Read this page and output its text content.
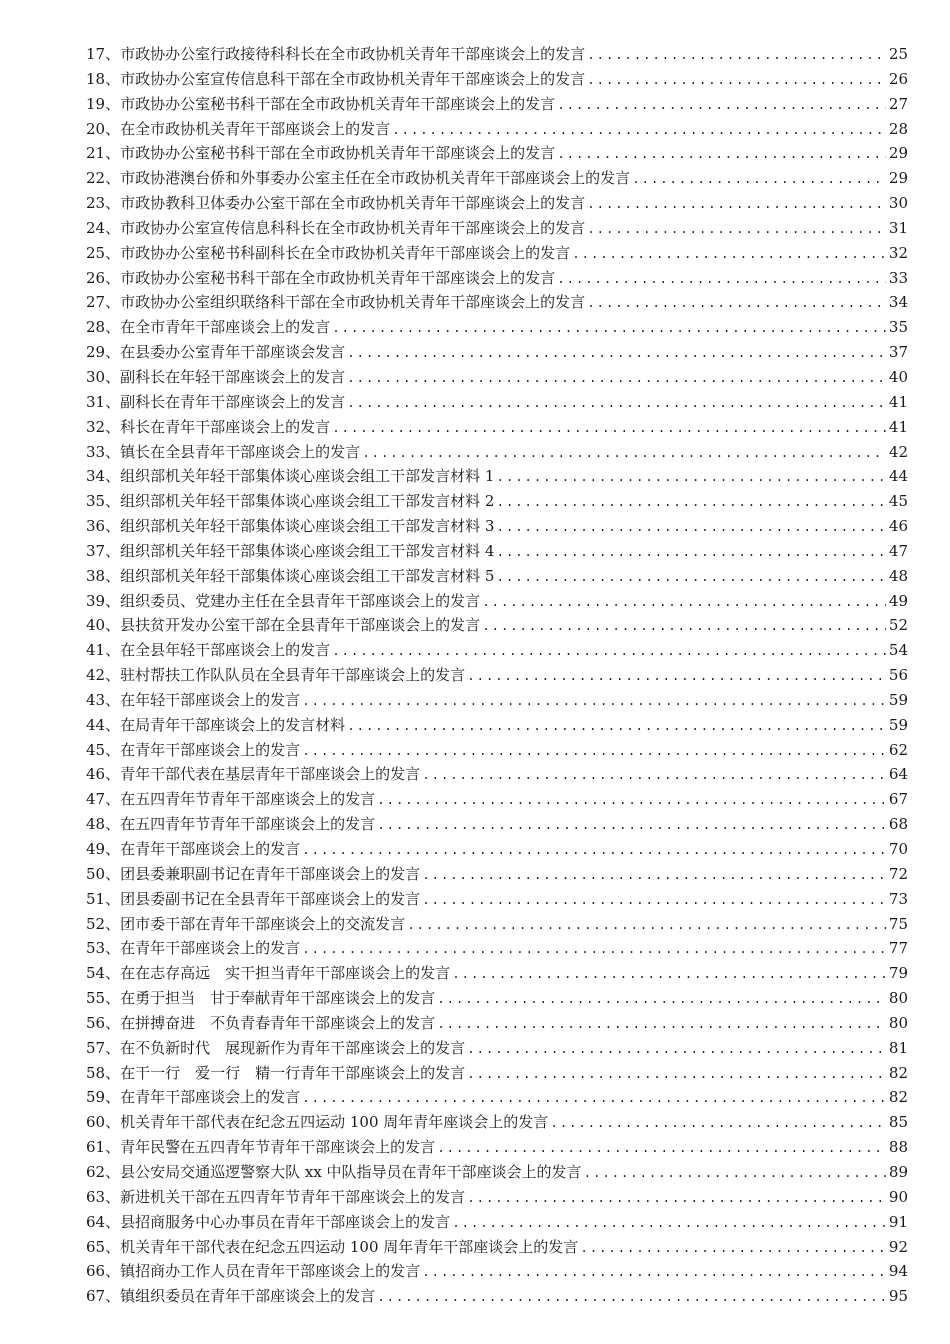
17、市政协办公室行政接待科科长在全市政协机关青年干部座谈会上的发言 .....	25
18、市政协办公室宣传信息科干部在全市政协机关青年干部座谈会上的发言 .....	26
19、市政协办公室秘书科干部在全市政协机关青年干部座谈会上的发言 .....	27
20、在全市政协机关青年干部座谈会上的发言 .....	28
21、市政协办公室秘书科干部在全市政协机关青年干部座谈会上的发言 .....	29
22、市政协港澳台侨和外事委办公室主任在全市政协机关青年干部座谈会上的发言 .....	29
23、市政协教科卫体委办公室干部在全市政协机关青年干部座谈会上的发言 .....	30
24、市政协办公室宣传信息科科长在全市政协机关青年干部座谈会上的发言 .....	31
25、市政协办公室秘书科副科长在全市政协机关青年干部座谈会上的发言 .....	32
26、市政协办公室秘书科干部在全市政协机关青年干部座谈会上的发言 .....	33
27、市政协办公室组织联络科干部在全市政协机关青年干部座谈会上的发言 .....	34
28、在全市青年干部座谈会上的发言 .....	35
29、在县委办公室青年干部座谈会发言 .....	37
30、副科长在年轻干部座谈会上的发言 .....	40
31、副科长在青年干部座谈会上的发言 .....	41
32、科长在青年干部座谈会上的发言 .....	41
33、镇长在全县青年干部座谈会上的发言 .....	42
34、组织部机关年轻干部集体谈心座谈会组工干部发言材料 1 .....	44
35、组织部机关年轻干部集体谈心座谈会组工干部发言材料 2 .....	45
36、组织部机关年轻干部集体谈心座谈会组工干部发言材料 3 .....	46
37、组织部机关年轻干部集体谈心座谈会组工干部发言材料 4 .....	47
38、组织部机关年轻干部集体谈心座谈会组工干部发言材料 5 .....	48
39、组织委员、党建办主任在全县青年干部座谈会上的发言 .....	49
40、县扶贫开发办公室干部在全县青年干部座谈会上的发言 .....	52
41、在全县年轻干部座谈会上的发言 .....	54
42、驻村帮扶工作队队员在全县青年干部座谈会上的发言 .....	56
43、在年轻干部座谈会上的发言 .....	59
44、在局青年干部座谈会上的发言材料 .....	59
45、在青年干部座谈会上的发言 .....	62
46、青年干部代表在基层青年干部座谈会上的发言 .....	64
47、在五四青年节青年干部座谈会上的发言 .....	67
48、在五四青年节青年干部座谈会上的发言 .....	68
49、在青年干部座谈会上的发言 .....	70
50、团县委兼职副书记在青年干部座谈会上的发言 .....	72
51、团县委副书记在全县青年干部座谈会上的发言 .....	73
52、团市委干部在青年干部座谈会上的交流发言 .....	75
53、在青年干部座谈会上的发言 .....	77
54、在在志存高远　实干担当青年干部座谈会上的发言 .....	79
55、在勇于担当　甘于奉献青年干部座谈会上的发言 .....	80
56、在拼搏奋进　不负青春青年干部座谈会上的发言 .....	80
57、在不负新时代　展现新作为青年干部座谈会上的发言 .....	81
58、在干一行　爱一行　精一行青年干部座谈会上的发言 .....	82
59、在青年干部座谈会上的发言 .....	82
60、机关青年干部代表在纪念五四运动 100 周年青年座谈会上的发言 .....	85
61、青年民警在五四青年节青年干部座谈会上的发言 .....	88
62、县公安局交通巡逻警察大队 xx 中队指导员在青年干部座谈会上的发言 .....	89
63、新进机关干部在五四青年节青年干部座谈会上的发言 .....	90
64、县招商服务中心办事员在青年干部座谈会上的发言 .....	91
65、机关青年干部代表在纪念五四运动 100 周年青年干部座谈会上的发言 .....	92
66、镇招商办工作人员在青年干部座谈会上的发言 .....	94
67、镇组织委员在青年干部座谈会上的发言 .....	95
